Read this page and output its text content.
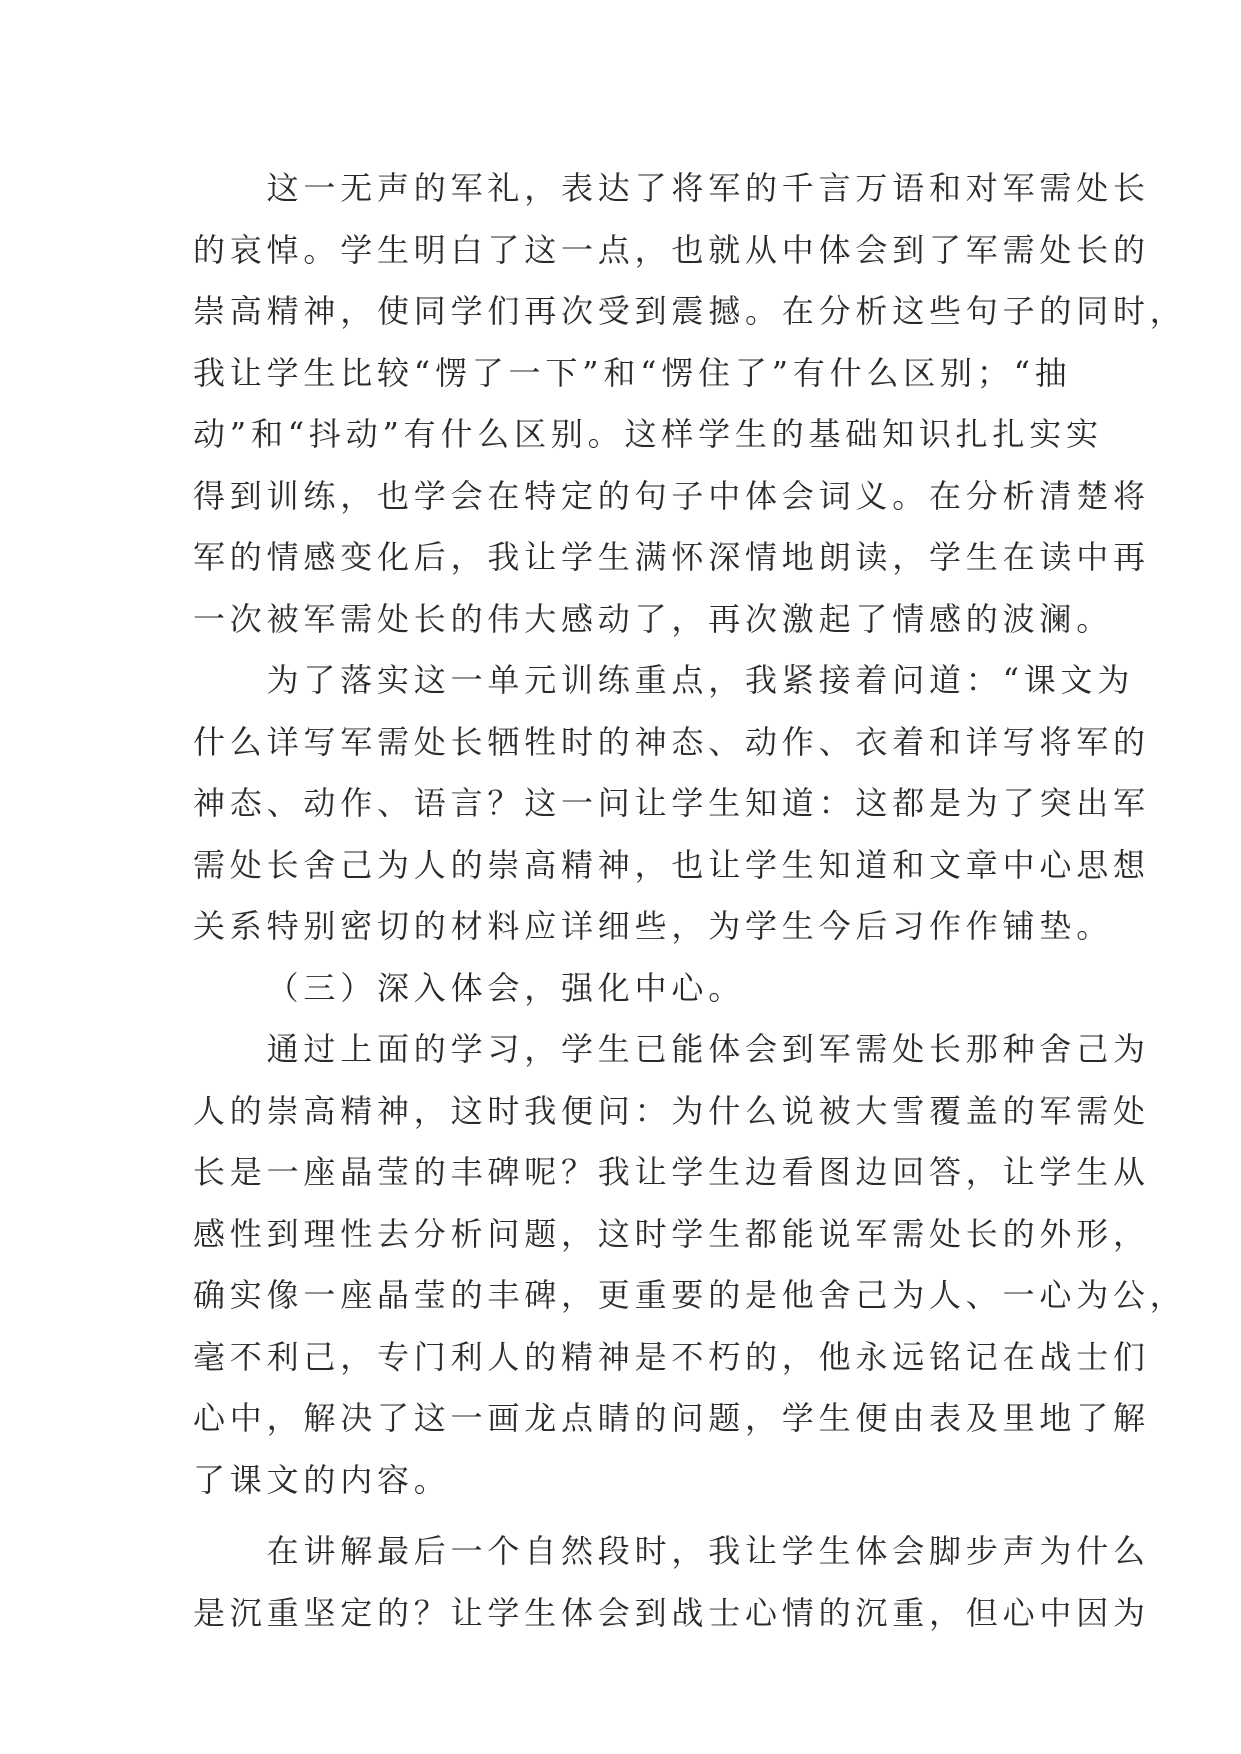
这一无声的军礼，表达了将军的千言万语和对军需处长
的哀悼。学生明白了这一点，也就从中体会到了军需处长的
崇高精神，使同学们再次受到震撼。在分析这些句子的同时，
我让学生比较“愣了一下”和“愣住了”有什么区别；“抽
动”和“抖动”有什么区别。这样学生的基础知识扎扎实实
得到训练，也学会在特定的句子中体会词义。在分析清楚将
军的情感变化后，我让学生满怀深情地朗读，学生在读中再
一次被军需处长的伟大感动了，再次激起了情感的波澜。
为了落实这一单元训练重点，我紧接着问道：“课文为
什么详写军需处长牺牲时的神态、动作、衣着和详写将军的
神态、动作、语言？这一问让学生知道：这都是为了突出军
需处长舍己为人的崇高精神，也让学生知道和文章中心思想
关系特别密切的材料应详细些，为学生今后习作作铺垫。
（三）深入体会，强化中心。
通过上面的学习，学生已能体会到军需处长那种舍己为
人的崇高精神，这时我便问：为什么说被大雪覆盖的军需处
长是一座晶莹的丰碑呢？我让学生边看图边回答，让学生从
感性到理性去分析问题，这时学生都能说军需处长的外形，
确实像一座晶莹的丰碑，更重要的是他舍己为人、一心为公，
毫不利己，专门利人的精神是不朽的，他永远铭记在战士们
心中，解决了这一画龙点睛的问题，学生便由表及里地了解
了课文的内容。
在讲解最后一个自然段时，我让学生体会脚步声为什么
是沉重坚定的？让学生体会到战士心情的沉重，但心中因为
